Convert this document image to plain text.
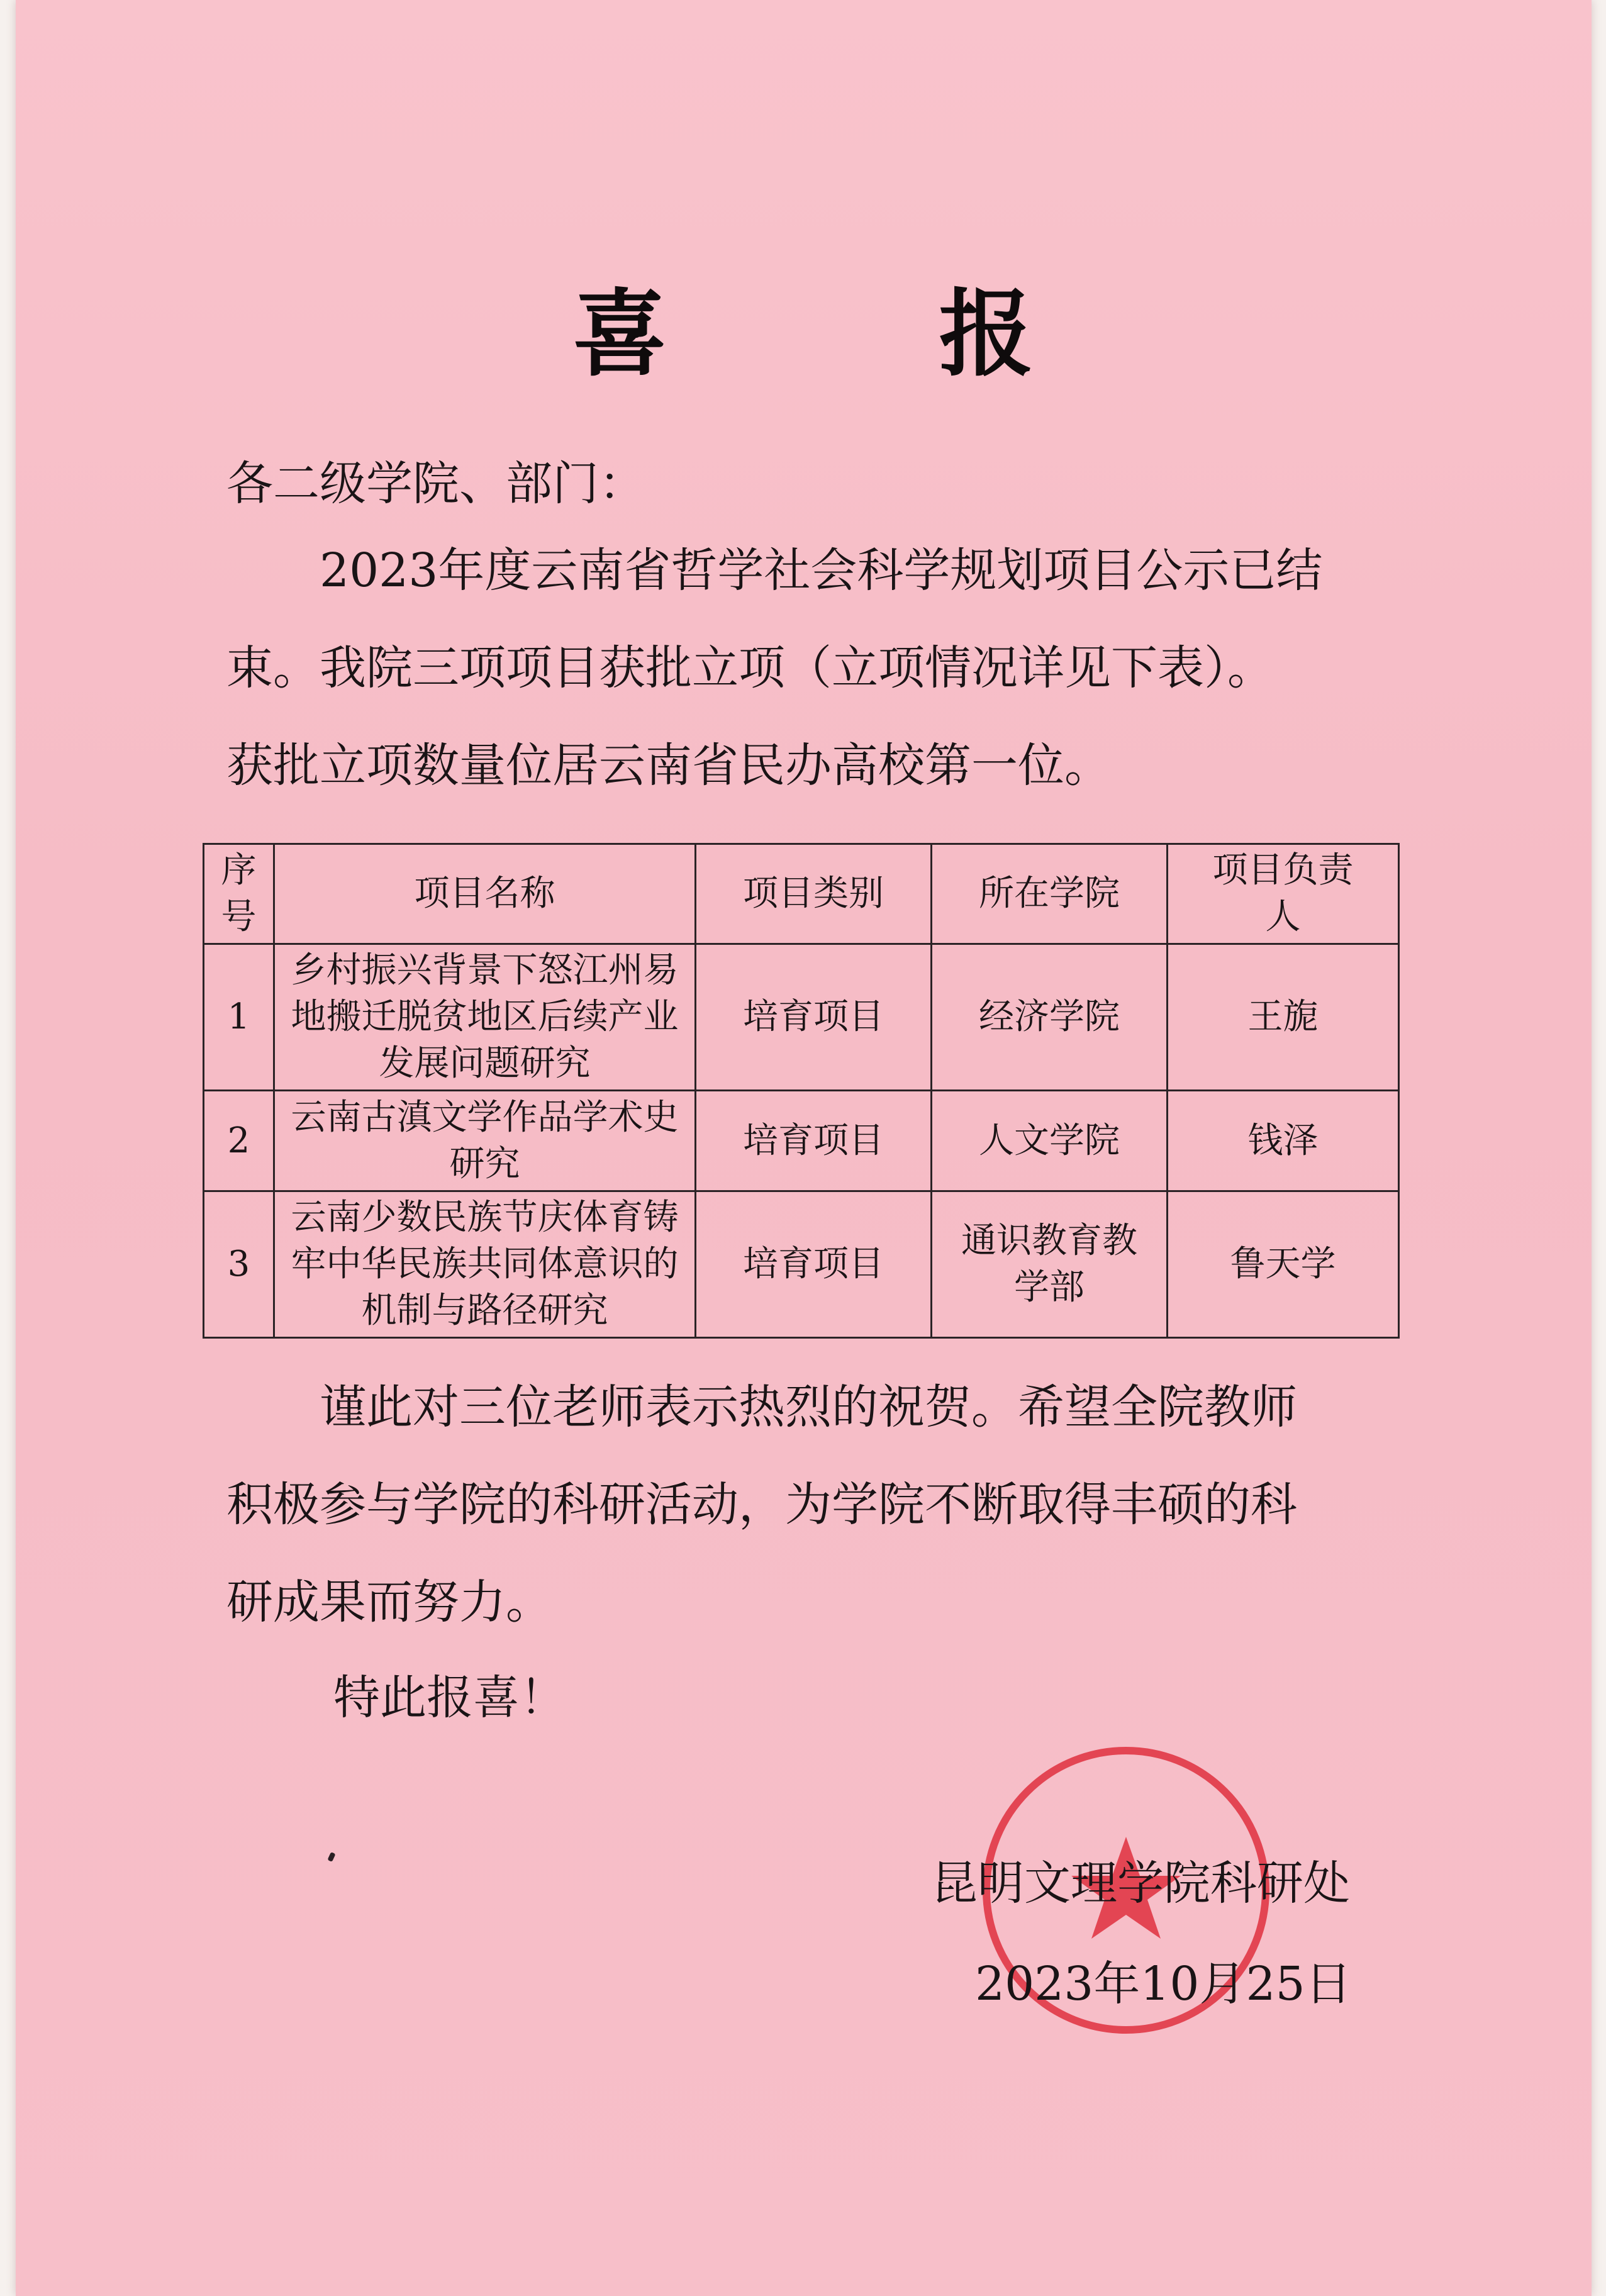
喜 报
各二级学院、部门：
2023年度云南省哲学社会科学规划项目公示已结
束。我院三项项目获批立项（立项情况详见下表）。
获批立项数量位居云南省民办高校第一位。
序号	项目名称	项目类别	所在学院	项目负责人
1	乡村振兴背景下怒江州易地搬迁脱贫地区后续产业发展问题研究	培育项目	经济学院	王旎
2	云南古滇文学作品学术史研究	培育项目	人文学院	钱泽
3	云南少数民族节庆体育铸牢中华民族共同体意识的机制与路径研究	培育项目	通识教育教学部	鲁天学
谨此对三位老师表示热烈的祝贺。希望全院教师
积极参与学院的科研活动，为学院不断取得丰硕的科
研成果而努力。
特此报喜！
昆明文理学院科研处
2023年10月25日
